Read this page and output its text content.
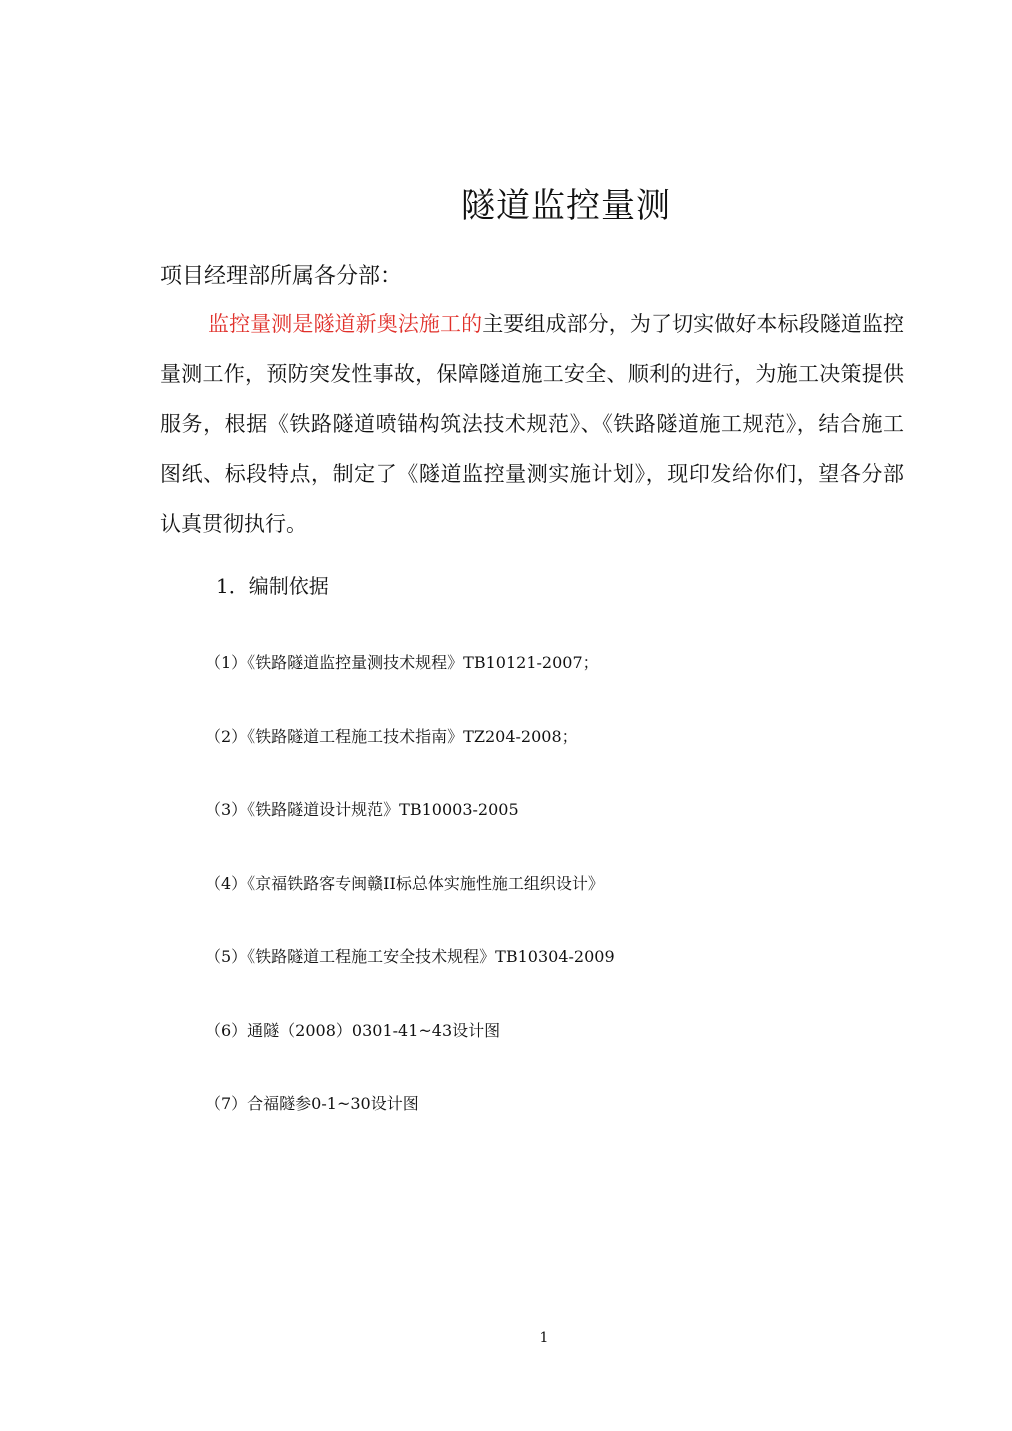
隧道监控量测
项目经理部所属各分部：

监控量测是隧道新奥法施工的主要组成部分，为了切实做好本标段隧道监控量测工作，预防突发性事故，保障隧道施工安全、顺利的进行，为施工决策提供服务，根据《铁路隧道喷锚构筑法技术规范》、《铁路隧道施工规范》，结合施工图纸、标段特点，制定了《隧道监控量测实施计划》，现印发给你们，望各分部认真贯彻执行。

1．编制依据
（1）《铁路隧道监控量测技术规程》TB10121-2007；
（2）《铁路隧道工程施工技术指南》TZ204-2008；
（3）《铁路隧道设计规范》TB10003-2005
（4）《京福铁路客专闽赣II标总体实施性施工组织设计》
（5）《铁路隧道工程施工安全技术规程》TB10304-2009
（6）通隧（2008）0301-41~43设计图
（7）合福隧参0-1~30设计图
1
